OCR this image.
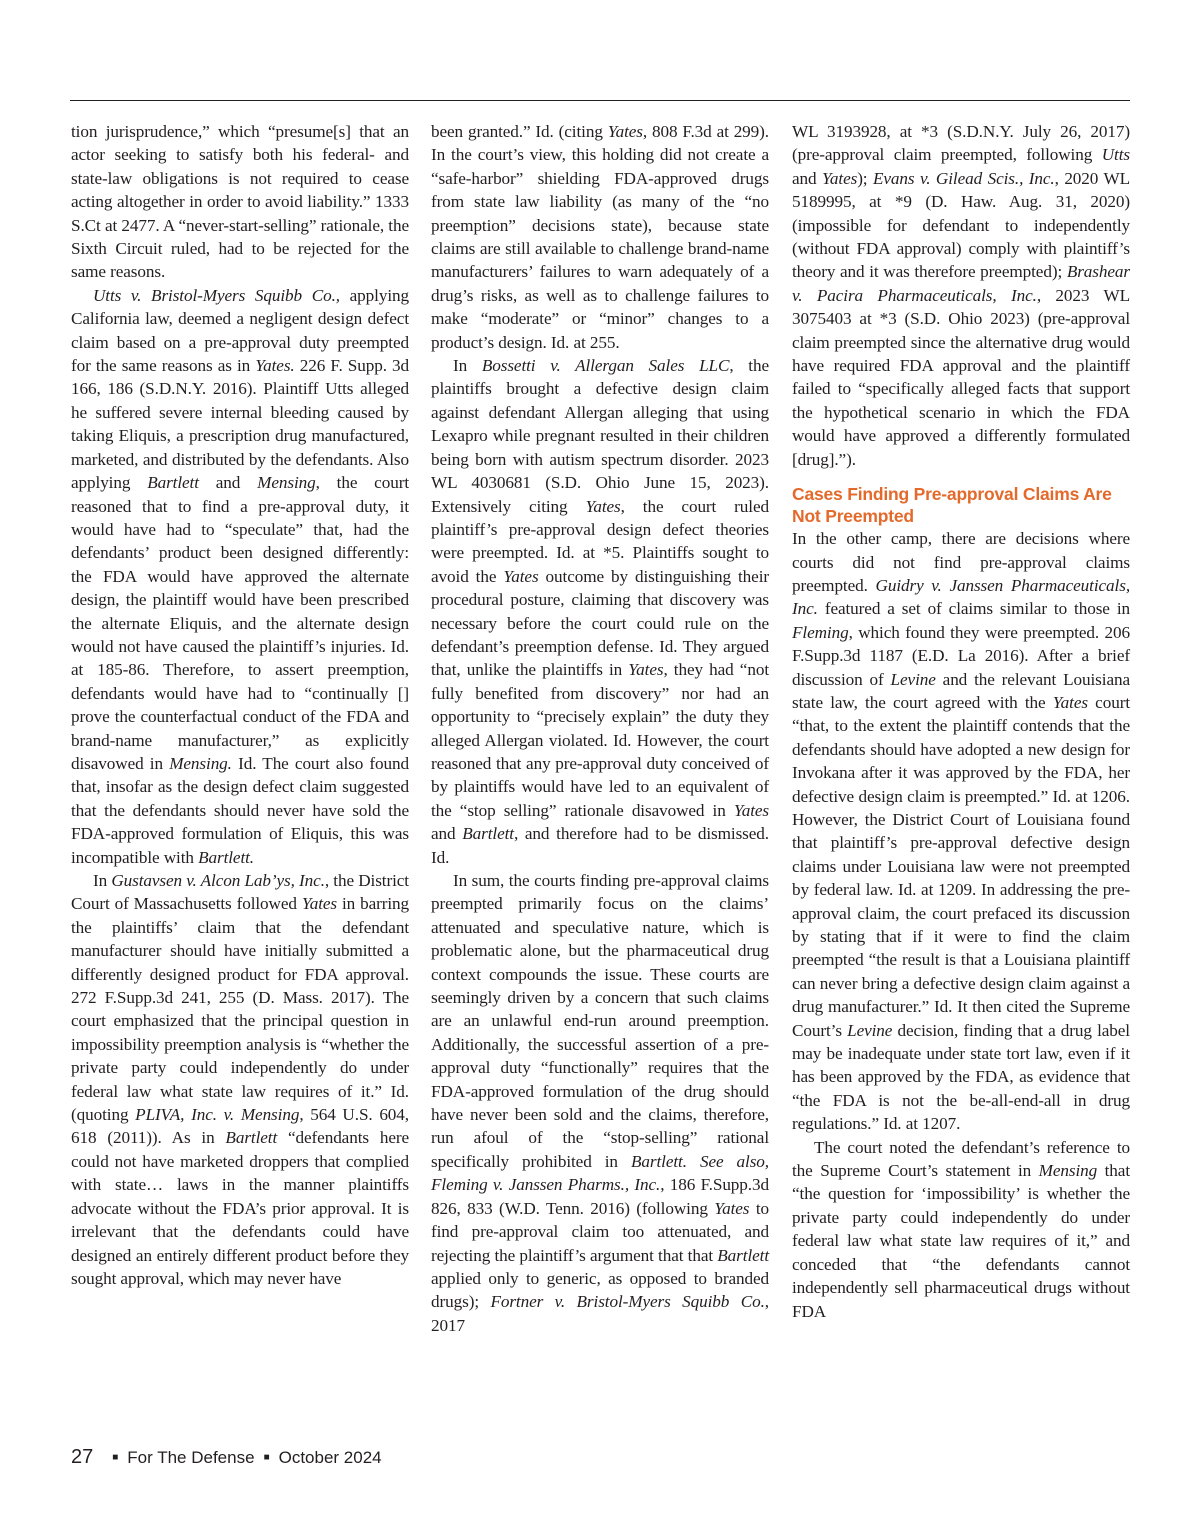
tion jurisprudence,” which “presume[s] that an actor seeking to satisfy both his federal- and state-law obligations is not required to cease acting altogether in order to avoid liability.” 1333 S.Ct at 2477. A “never-start-selling” rationale, the Sixth Circuit ruled, had to be rejected for the same reasons.

Utts v. Bristol-Myers Squibb Co., applying California law, deemed a negligent design defect claim based on a pre-approval duty preempted for the same reasons as in Yates. 226 F. Supp. 3d 166, 186 (S.D.N.Y. 2016). Plaintiff Utts alleged he suffered severe internal bleeding caused by taking Eliquis, a prescription drug manufactured, marketed, and distributed by the defendants. Also applying Bartlett and Mensing, the court reasoned that to find a pre-approval duty, it would have had to “speculate” that, had the defendants’ product been designed differently: the FDA would have approved the alternate design, the plaintiff would have been prescribed the alternate Eliquis, and the alternate design would not have caused the plaintiff’s injuries. Id. at 185-86. Therefore, to assert preemption, defendants would have had to “continually [] prove the counterfactual conduct of the FDA and brand-name manufacturer,” as explicitly disavowed in Mensing. Id. The court also found that, insofar as the design defect claim suggested that the defendants should never have sold the FDA-approved formulation of Eliquis, this was incompatible with Bartlett.

In Gustavsen v. Alcon Lab’ys, Inc., the District Court of Massachusetts followed Yates in barring the plaintiffs’ claim that the defendant manufacturer should have initially submitted a differently designed product for FDA approval. 272 F.Supp.3d 241, 255 (D. Mass. 2017). The court emphasized that the principal question in impossibility preemption analysis is “whether the private party could independently do under federal law what state law requires of it.” Id. (quoting PLIVA, Inc. v. Mensing, 564 U.S. 604, 618 (2011)). As in Bartlett “defendants here could not have marketed droppers that complied with state… laws in the manner plaintiffs advocate without the FDA’s prior approval. It is irrelevant that the defendants could have designed an entirely different product before they sought approval, which may never have

been granted.” Id. (citing Yates, 808 F.3d at 299). In the court’s view, this holding did not create a “safe-harbor” shielding FDA-approved drugs from state law liability (as many of the “no preemption” decisions state), because state claims are still available to challenge brand-name manufacturers’ failures to warn adequately of a drug’s risks, as well as to challenge failures to make “moderate” or “minor” changes to a product’s design. Id. at 255.

In Bossetti v. Allergan Sales LLC, the plaintiffs brought a defective design claim against defendant Allergan alleging that using Lexapro while pregnant resulted in their children being born with autism spectrum disorder. 2023 WL 4030681 (S.D. Ohio June 15, 2023). Extensively citing Yates, the court ruled plaintiff’s pre-approval design defect theories were preempted. Id. at *5. Plaintiffs sought to avoid the Yates outcome by distinguishing their procedural posture, claiming that discovery was necessary before the court could rule on the defendant’s preemption defense. Id. They argued that, unlike the plaintiffs in Yates, they had “not fully benefited from discovery” nor had an opportunity to “precisely explain” the duty they alleged Allergan violated. Id. However, the court reasoned that any pre-approval duty conceived of by plaintiffs would have led to an equivalent of the “stop selling” rationale disavowed in Yates and Bartlett, and therefore had to be dismissed. Id.

In sum, the courts finding pre-approval claims preempted primarily focus on the claims’ attenuated and speculative nature, which is problematic alone, but the pharmaceutical drug context compounds the issue. These courts are seemingly driven by a concern that such claims are an unlawful end-run around preemption. Additionally, the successful assertion of a pre-approval duty “functionally” requires that the FDA-approved formulation of the drug should have never been sold and the claims, therefore, run afoul of the “stop-selling” rational specifically prohibited in Bartlett. See also, Fleming v. Janssen Pharms., Inc., 186 F.Supp.3d 826, 833 (W.D. Tenn. 2016) (following Yates to find pre-approval claim too attenuated, and rejecting the plaintiff’s argument that that Bartlett applied only to generic, as opposed to branded drugs); Fortner v. Bristol-Myers Squibb Co., 2017

WL 3193928, at *3 (S.D.N.Y. July 26, 2017) (pre-approval claim preempted, following Utts and Yates); Evans v. Gilead Scis., Inc., 2020 WL 5189995, at *9 (D. Haw. Aug. 31, 2020) (impossible for defendant to independently (without FDA approval) comply with plaintiff’s theory and it was therefore preempted); Brashear v. Pacira Pharmaceuticals, Inc., 2023 WL 3075403 at *3 (S.D. Ohio 2023) (pre-approval claim preempted since the alternative drug would have required FDA approval and the plaintiff failed to “specifically alleged facts that support the hypothetical scenario in which the FDA would have approved a differently formulated [drug].”).

Cases Finding Pre-approval Claims Are Not Preempted

In the other camp, there are decisions where courts did not find pre-approval claims preempted. Guidry v. Janssen Pharmaceuticals, Inc. featured a set of claims similar to those in Fleming, which found they were preempted. 206 F.Supp.3d 1187 (E.D. La 2016). After a brief discussion of Levine and the relevant Louisiana state law, the court agreed with the Yates court “that, to the extent the plaintiff contends that the defendants should have adopted a new design for Invokana after it was approved by the FDA, her defective design claim is preempted.” Id. at 1206. However, the District Court of Louisiana found that plaintiff’s pre-approval defective design claims under Louisiana law were not preempted by federal law. Id. at 1209. In addressing the pre-approval claim, the court prefaced its discussion by stating that if it were to find the claim preempted “the result is that a Louisiana plaintiff can never bring a defective design claim against a drug manufacturer.” Id. It then cited the Supreme Court’s Levine decision, finding that a drug label may be inadequate under state tort law, even if it has been approved by the FDA, as evidence that “the FDA is not the be-all-end-all in drug regulations.” Id. at 1207.

The court noted the defendant’s reference to the Supreme Court’s statement in Mensing that “the question for ‘impossibility’ is whether the private party could independently do under federal law what state law requires of it,” and conceded that “the defendants cannot independently sell pharmaceutical drugs without FDA

27 ■ For The Defense ■ October 2024
